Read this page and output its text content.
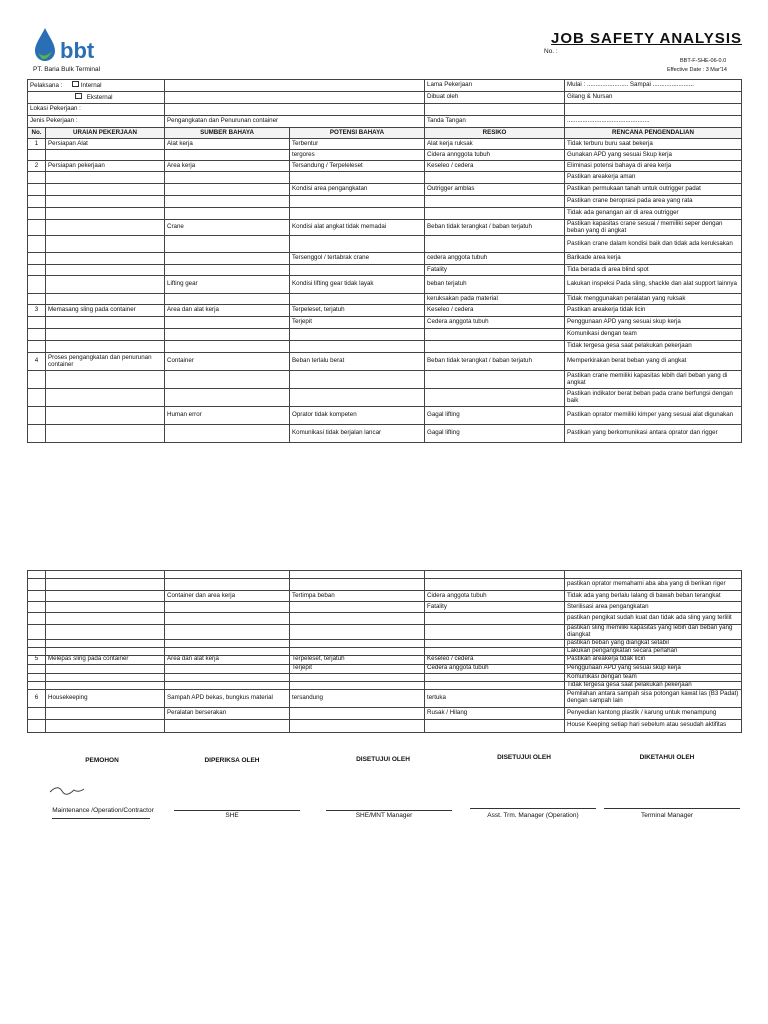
bbt
PT. Baria Bulk Terminal
JOB SAFETY ANALYSIS
No. :
BBT-F-SHE-06-0.0
Effective Date : 3 Mar'14
Pelaksana : Internal		Lama Pekerjaan	Mulai : ........................ Sampai ........................
Eksternal		Dibuat oleh	Gilang & Nursan
Lokasi Pekerjaan :			
Jenis Pekerjaan :	Pengangkatan dan Penurunan container	Tanda Tangan	................................................
No.	URAIAN PEKERJAAN	SUMBER BAHAYA	POTENSI BAHAYA	RESIKO	RENCANA PENGENDALIAN
1	Persiapan Alat	Alat kerja	Terbentur	Alat kerja ruksak	Tidak terburu buru saat bekerja
			tergores	Cidera annggota tubuh	Gunakan APD yang sesuai Skup kerja
2	Persiapan pekerjaan	Area kerja	Tersandung / Terpeleleset	Keseleo / cedera	Eliminasi potensi bahaya di area kerja
					Pastikan areakerja aman
			Kondisi area pengangkatan	Outrigger amblas	Pastikan permukaan tanah untuk outrigger padat
					Pastikan crane beroprasi pada area yang rata
					Tidak ada genangan air di area outrigger
		Crane	Kondisi alat angkat tidak memadai	Beban tidak terangkat / baban terjatuh	Pastikan kapasitas crane sesuai / memiliki seper dengan beban yang di angkat
					Pastikan crane dalam kondisi baik dan tidak ada keruksakan
			Tersenggol / tertabrak crane	cedera anggota tubuh	Barikade area kerja
				Fatality	Tida berada di area blind spot
		Lifting gear	Kondisi lifting gear tidak layak	beban terjatuh	Lakukan inspeksi Pada sling, shackle dan alat support lainnya
				keruksakan pada material	Tidak menggunakan peralatan yang ruksak
3	Memasang sling pada container	Area dan alat kerja	Terpeleset, terjatuh	Keseleo / cedera	Pastikan areakerja tidak licin
			Terjepit	Cedera anggota tubuh	Penggunaan APD yang sesuai skup kerja
					Komunikasi dengan team
					Tidak tergesa gesa saat pelakukan pekerjaan
4	Proses pengangkatan dan penurunan container	Container	Beban terlalu berat	Beban tidak terangkat / baban terjatuh	Memperkirakan berat beban yang di angkat
					Pastikan crane memiliki kapasitas lebih dari beban yang di angkat
					Pastikan indikator berat beban pada crane berfungsi dengan baik
		Human error	Oprator tidak kompeten	Gagal lifting	Pastikan oprator memiliki kimper yang sesuai alat digunakan
			Komunikasi tidak berjalan lancar	Gagal lifting	Pastikan yang berkomunikasi antara oprator dan rigger

					pastikan oprator memahami aba aba yang di berikan riger
		Container dan area kerja	Tertimpa beban	Cidera anggota tubuh	Tidak ada yang berlalu lalang di bawah beban terangkat
				Fatality	Sterilisasi area pengangkatan
					pastikan pengikat sudah kuat dan tidak ada sling yang terlilit
					pastikan sling memiliki kapasitas yang lebih dari beban yang diangkat
					pastikan beban yang diangkat setabil
					Lakukan pengangkatan secara perlahan
5	Melepas sling pada container	Area dan alat kerja	Terpeleset, terjatuh	Keseleo / cedera	Pastikan areakerja tidak licin
			Terjepit	Cedera anggota tubuh	Penggunaan APD yang sesuai skup kerja
					Komunikasi dengan team
					Tidak tergesa gesa saat pelakukan pekerjaan
6	Housekeeping	Sampah APD bekas, bungkus material	tersandung	tertuka	Pemilahan antara sampah sisa potongan kawat las (B3 Padat) dengan sampah lain
		Peralatan berserakan		Rusak / Hilang	Penyedian kantong plastik / karung untuk menampung
					House Keeping setiap hari sebelum atau sesudah aktifitas
PEMOHON	DIPERIKSA OLEH	DISETUJUI OLEH	DISETUJUI OLEH	DIKETAHUI OLEH
Maintenance /Operation/Contractor
SHE	SHE/MNT Manager	Asst. Trm. Manager (Operation)	Terminal Manager
